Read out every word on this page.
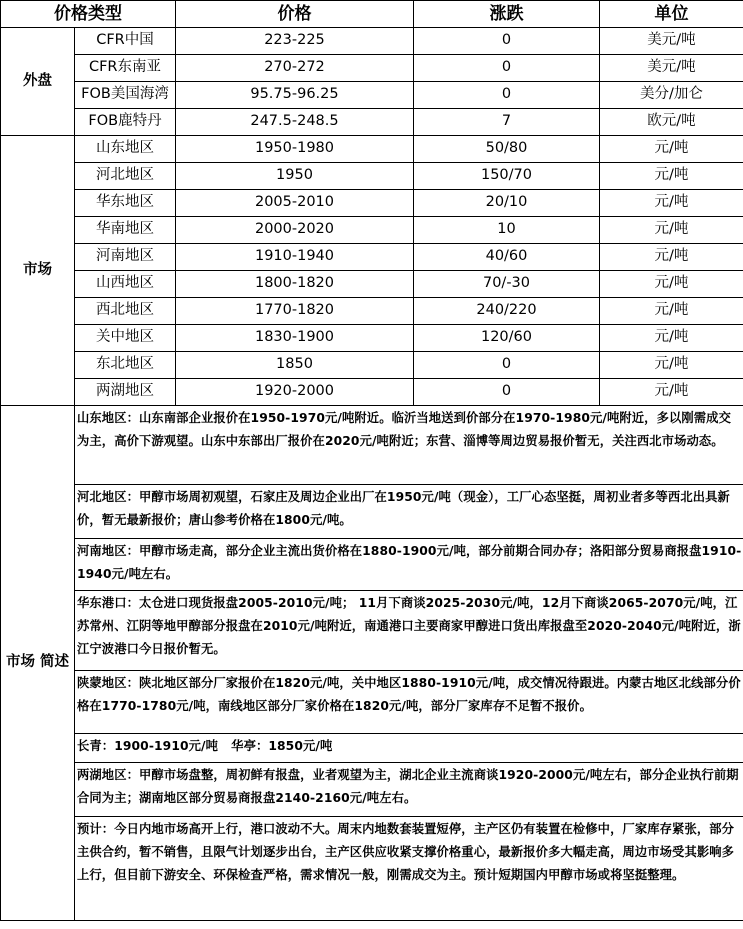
价格类型		价格	涨跌	单位
外盘	CFR中国	223-225	0	美元/吨
	CFR东南亚	270-272	0	美元/吨
	FOB美国海湾	95.75-96.25	0	美分/加仑
	FOB鹿特丹	247.5-248.5	7	欧元/吨
市场	山东地区	1950-1980	50/80	元/吨
	河北地区	1950	150/70	元/吨
	华东地区	2005-2010	20/10	元/吨
	华南地区	2000-2020	10	元/吨
	河南地区	1910-1940	40/60	元/吨
	山西地区	1800-1820	70/-30	元/吨
	西北地区	1770-1820	240/220	元/吨
	关中地区	1830-1900	120/60	元/吨
	东北地区	1850	0	元/吨
	两湖地区	1920-2000	0	元/吨
市场 简述	山东地区：山东南部企业报价在1950-1970元/吨附近。临沂当地送到价部分在1970-1980元/吨附近，多以刚需成交为主，高价下游观望。山东中东部出厂报价在2020元/吨附近；东营、淄博等周边贸易报价暂无，关注西北市场动态。			
	河北地区：甲醇市场周初观望，石家庄及周边企业出厂在1950元/吨（现金），工厂心态坚挺，周初业者多等西北出具新价，暂无最新报价；唐山参考价格在1800元/吨。			
	河南地区：甲醇市场走高，部分企业主流出货价格在1880-1900元/吨，部分前期合同办存；洛阳部分贸易商报盘1910-1940元/吨左右。			
	华东港口：太仓进口现货报盘2005-2010元/吨； 11月下商谈2025-2030元/吨，12月下商谈2065-2070元/吨，江苏常州、江阴等地甲醇部分报盘在2010元/吨附近，南通港口主要商家甲醇进口货出库报盘至2020-2040元/吨附近，浙江宁波港口今日报价暂无。			
	陕蒙地区：陕北地区部分厂家报价在1820元/吨，关中地区1880-1910元/吨，成交情况待跟进。内蒙古地区北线部分价格在1770-1780元/吨，南线地区部分厂家价格在1820元/吨，部分厂家库存不足暂不报价。			
	长青：1900-1910元/吨   华亭：1850元/吨			
	两湖地区：甲醇市场盘整，周初鲜有报盘，业者观望为主，湖北企业主流商谈1920-2000元/吨左右，部分企业执行前期合同为主；湖南地区部分贸易商报盘2140-2160元/吨左右。			
	预计：今日内地市场高开上行，港口波动不大。周末内地数套装置短停，主产区仍有装置在检修中，厂家库存紧张，部分主供合约，暂不销售，且限气计划逐步出台，主产区供应收紧支撑价格重心，最新报价多大幅走高，周边市场受其影响多上行，但目前下游安全、环保检查严格，需求情况一般，刚需成交为主。预计短期国内甲醇市场或将坚挺整理。			
